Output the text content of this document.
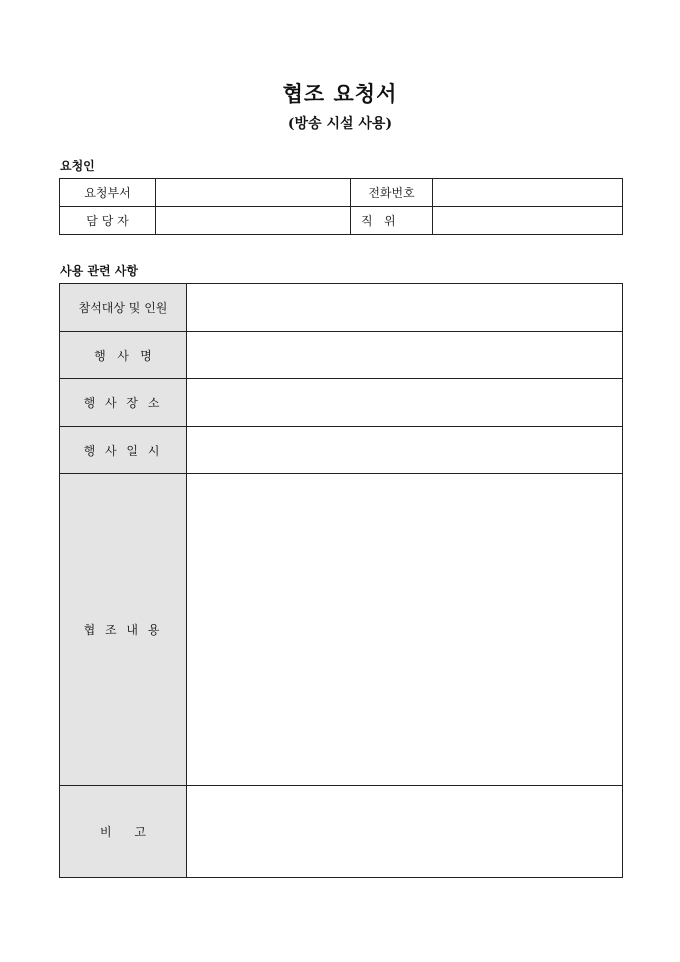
협조 요청서
(방송 시설 사용)
요청인
요청부서		전화번호	
담 당 자		직   위	

사용 관련 사항
참석대상 및 인원	
행   사   명	
행 사 장 소	
행 사 일 시	
협 조 내 용	
비      고	
